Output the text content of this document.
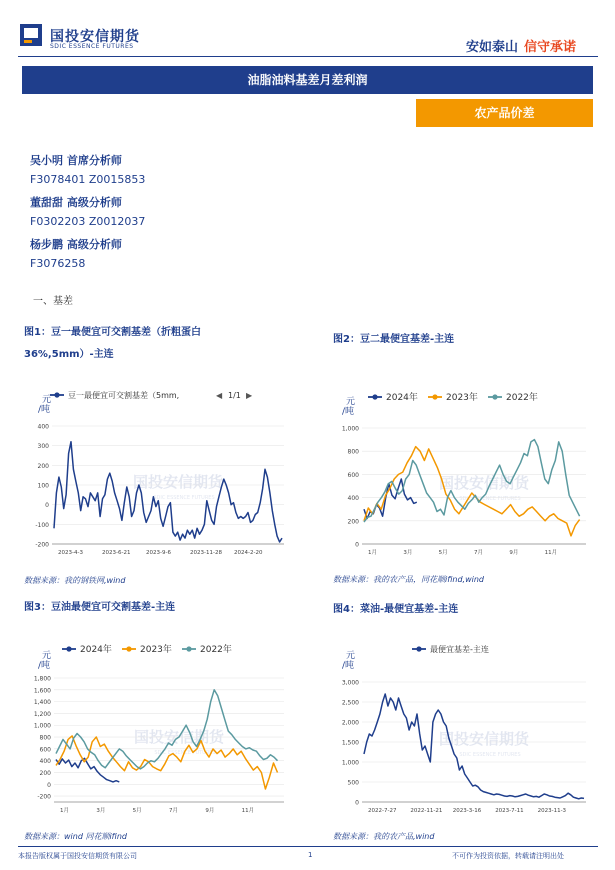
国投安信期货
SDIC ESSENCE FUTURES	安如泰山 信守承诺
油脂油料基差月差利润
农产品价差
吴小明 首席分析师
F3078401 Z0015853
董甜甜 高级分析师
F0302203 Z0012037
杨步鹏 高级分析师
F3076258
一、基差
图1：豆一最便宜可交割基差（折粗蛋白
36%,5mm）-主连
国投安信期货
SDIC ESSENCE FUTURES
元
/吨
400
300
200
100
0
-100
-200
2023-4-3	2023-6-21	2023-9-6	2023-11-28 2024-2-20
豆一最便宜可交割基差（5mm,	◀ 1/1 ▶
数据来源：我的钢铁网,wind
图2：豆二最便宜基差-主连
国投安信期货
SDIC ESSENCE FUTURES
元
/吨
1,000
800
600
400
200
0
1月	3月	5月	7月	9月	11月
2024年	2023年	2022年
数据来源：我的农产品，同花顺ifind,wind
图3：豆油最便宜可交割基差-主连
国投安信期货
SDIC ESSENCE FUTURES
元
/吨
1,800
1,600
1,400
1,200
1,000
800
600
400
200
0
-200
1月	3月	5月	7月	9月	11月
2024年	2023年	2022年
数据来源：wind 同花顺ifind
图4：菜油-最便宜基差-主连
国投安信期货
SDIC ESSENCE FUTURES
元
/吨
3,000
2,500
2,000
1,500
1,000
500
0
2022-7-27	2022-11-21 2023-3-16	2023-7-11	2023-11-3
最便宜基差-主连
数据来源：我的农产品,wind
本报告版权属于国投安信期货有限公司	1	不可作为投资依据，转载请注明出处
